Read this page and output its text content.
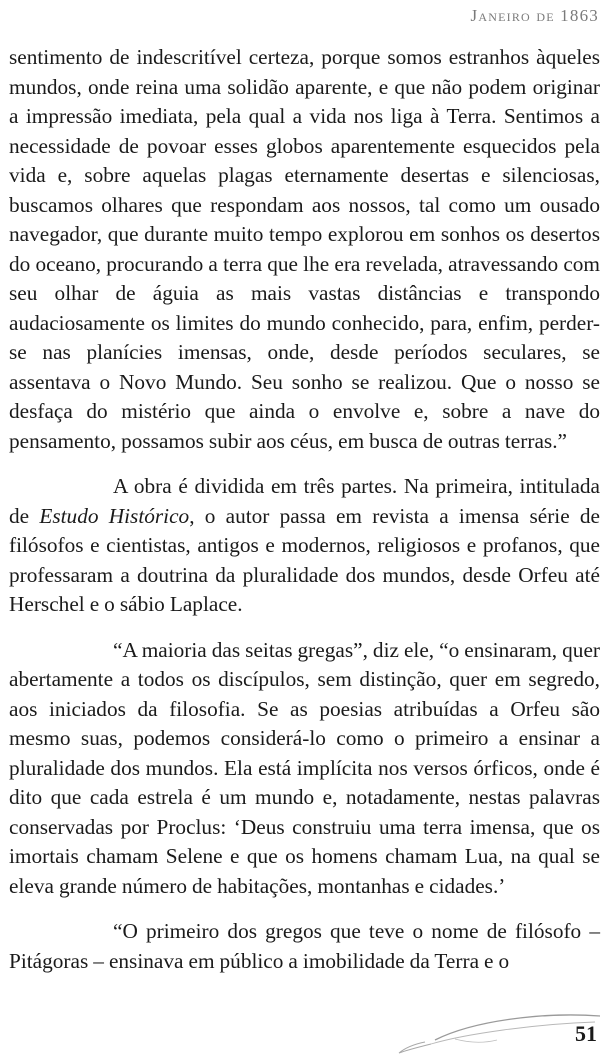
Janeiro de 1863

sentimento de indescritível certeza, porque somos estranhos àqueles mundos, onde reina uma solidão aparente, e que não podem originar a impressão imediata, pela qual a vida nos liga à Terra. Sentimos a necessidade de povoar esses globos aparentemente esquecidos pela vida e, sobre aquelas plagas eternamente desertas e silenciosas, buscamos olhares que respondam aos nossos, tal como um ousado navegador, que durante muito tempo explorou em sonhos os desertos do oceano, procurando a terra que lhe era revelada, atravessando com seu olhar de águia as mais vastas distâncias e transpondo audaciosamente os limites do mundo conhecido, para, enfim, perder-se nas planícies imensas, onde, desde períodos seculares, se assentava o Novo Mundo. Seu sonho se realizou. Que o nosso se desfaça do mistério que ainda o envolve e, sobre a nave do pensamento, possamos subir aos céus, em busca de outras terras.”

A obra é dividida em três partes. Na primeira, intitulada de Estudo Histórico, o autor passa em revista a imensa série de filósofos e cientistas, antigos e modernos, religiosos e profanos, que professaram a doutrina da pluralidade dos mundos, desde Orfeu até Herschel e o sábio Laplace.

“A maioria das seitas gregas”, diz ele, “o ensinaram, quer abertamente a todos os discípulos, sem distinção, quer em segredo, aos iniciados da filosofia. Se as poesias atribuídas a Orfeu são mesmo suas, podemos considerá-lo como o primeiro a ensinar a pluralidade dos mundos. Ela está implícita nos versos órficos, onde é dito que cada estrela é um mundo e, notadamente, nestas palavras conservadas por Proclus: ‘Deus construiu uma terra imensa, que os imortais chamam Selene e que os homens chamam Lua, na qual se eleva grande número de habitações, montanhas e cidades.’

“O primeiro dos gregos que teve o nome de filósofo – Pitágoras – ensinava em público a imobilidade da Terra e o

51
